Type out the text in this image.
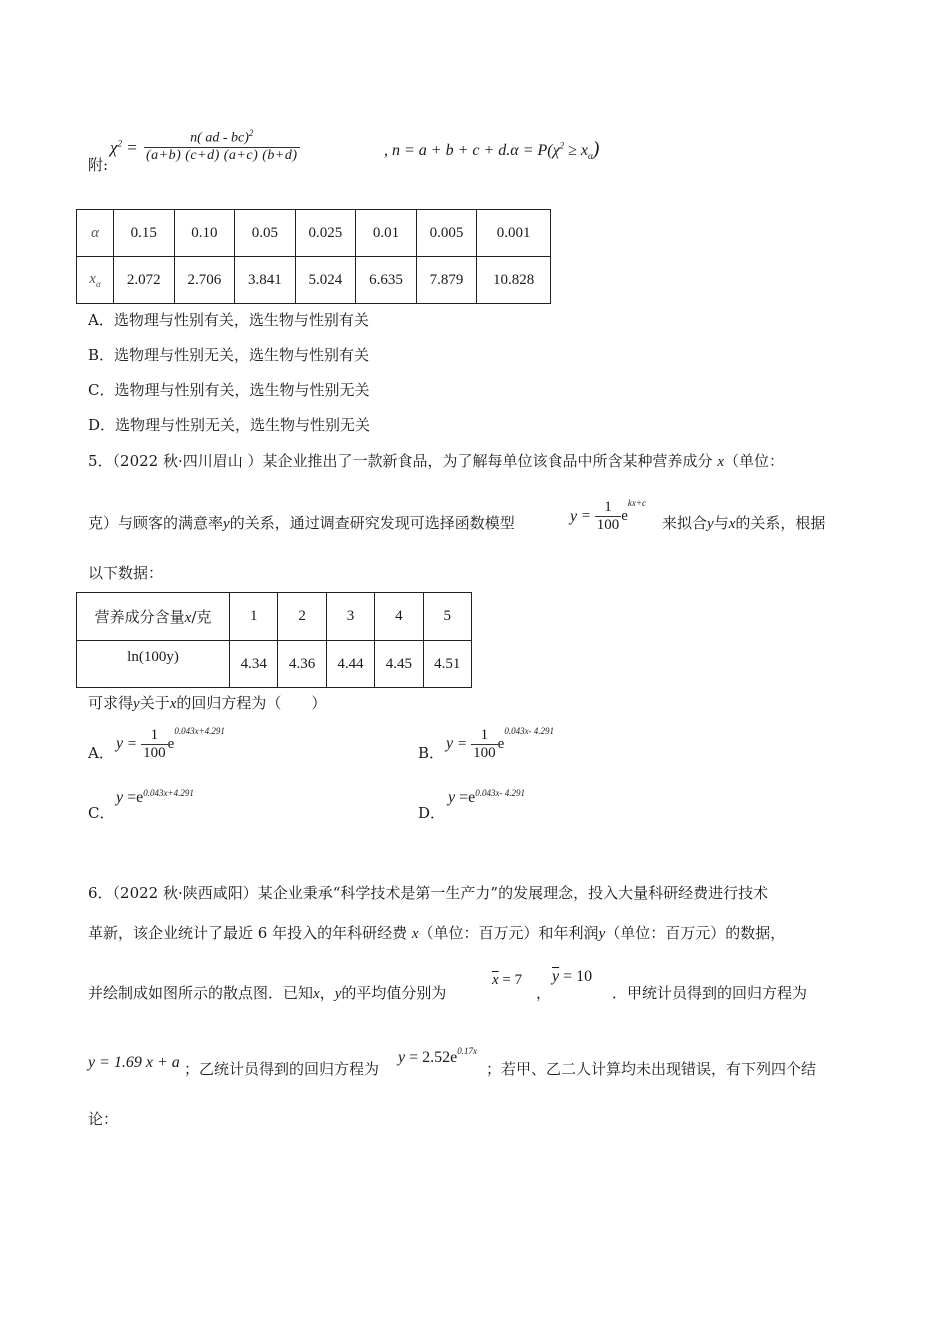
附:
$\chi^2 = \frac{n( ad - bc)^2}{(a+b) (c+d) (a+c) (b+d)}$	, $n = a + b + c + d.\alpha = P(\chi^2 \ge x_\alpha)$
α	0.15	0.10	0.05	0.025	0.01	0.005	0.001
$x_\alpha$	2.072	2.706	3.841	5.024	6.635	7.879	10.828
A．选物理与性别有关，选生物与性别有关
B．选物理与性别无关，选生物与性别有关
C．选物理与性别有关，选生物与性别无关
D．选物理与性别无关，选生物与性别无关
5．（2022 秋·四川眉山 ）某企业推出了一款新食品，为了解每单位该食品中所含某种营养成分 x（单位：
克）与顾客的满意率y的关系，通过调查研究发现可选择函数模型	$y = \frac{1}{100} e^{kx+c}$
来拟合y与x的关系，根据
以下数据：
营养成分含量x/克	1	2	3	4	5
ln(100y)	4.34	4.36	4.44	4.45	4.51
可求得y关于x的回归方程为（　　）
A．
$y = \frac{1}{100} e^{0.043x+4.291}$
B．
$y = \frac{1}{100} e^{0.043x- 4.291}$
C．
$y =e^{0.043x+4.291}$
D．
$y =e^{0.043x- 4.291}$
6．（2022 秋·陕西咸阳）某企业秉承“科学技术是第一生产力”的发展理念，投入大量科研经费进行技术
革新，该企业统计了最近 6 年投入的年科研经费 x（单位：百万元）和年利润y（单位：百万元）的数据，
并绘制成如图所示的散点图．已知x，y的平均值分别为
$\overline{x} = 7$
，
$\overline{y} = 10$
．甲统计员得到的回归方程为
y = 1.69 x + a ；乙统计员得到的回归方程为
$y = 2.52e^{0.17x}$
；若甲、乙二人计算均未出现错误，有下列四个结
论：
